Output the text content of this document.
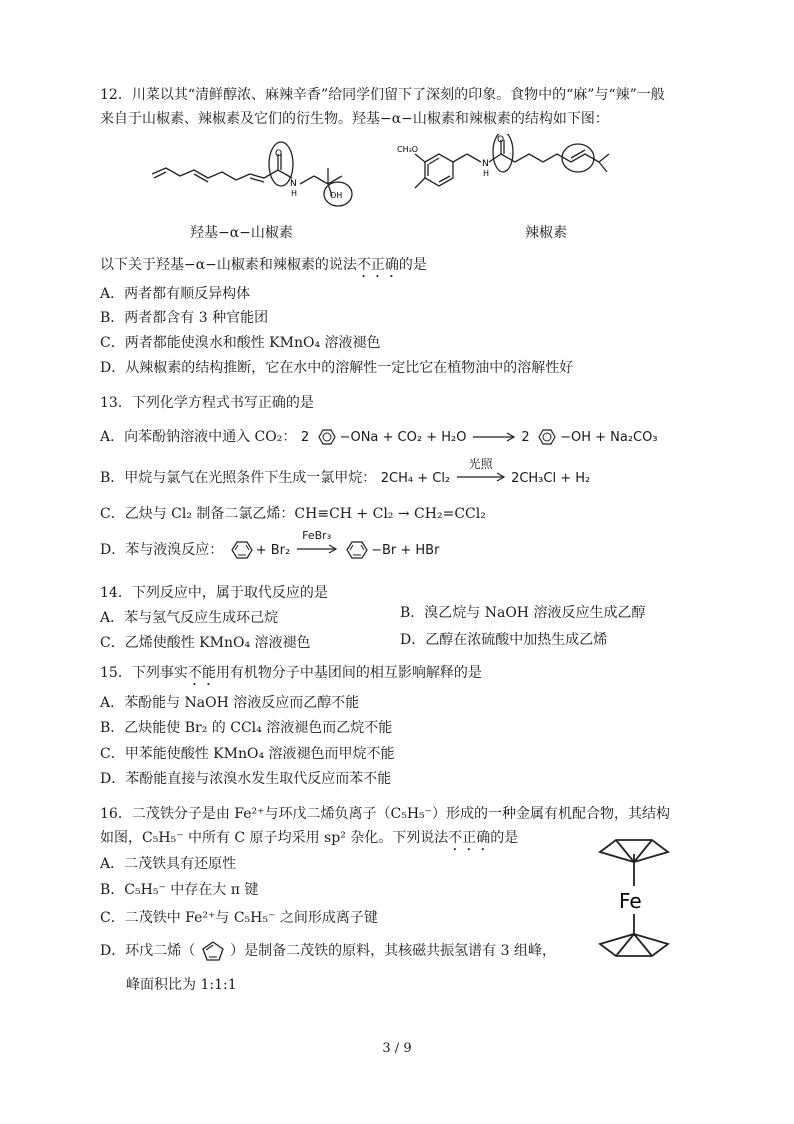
12．川菜以其“清鲜醇浓、麻辣辛香”给同学们留下了深刻的印象。食物中的“麻”与“辣”一般
来自于山椒素、辣椒素及它们的衍生物。羟基−α−山椒素和辣椒素的结构如下图：
O
N
H	OH
CH₃O
N
H
O
羟基−α−山椒素	辣椒素
以下关于羟基−α−山椒素和辣椒素的说法不正确的是
A．两者都有顺反异构体
B．两者都含有 3 种官能团
C．两者都能使溴水和酸性 KMnO₄ 溶液褪色
D．从辣椒素的结构推断，它在水中的溶解性一定比它在植物油中的溶解性好
13．下列化学方程式书写正确的是
A．向苯酚钠溶液中通入 CO₂： 2 −ONa + CO₂ + H₂O → 2 −OH + Na₂CO₃
B．甲烷与氯气在光照条件下生成一氯甲烷： 2CH₄ + Cl₂
光照
2CH₃Cl + H₂
C．乙炔与 Cl₂ 制备二氯乙烯：CH≡CH + Cl₂ → CH₂=CCl₂
D．苯与液溴反应： + Br₂
FeBr₃
−Br + HBr
14．下列反应中，属于取代反应的是
A．苯与氢气反应生成环己烷	B．溴乙烷与 NaOH 溶液反应生成乙醇
C．乙烯使酸性 KMnO₄ 溶液褪色	D．乙醇在浓硫酸中加热生成乙烯
15．下列事实不能用有机物分子中基团间的相互影响解释的是
A．苯酚能与 NaOH 溶液反应而乙醇不能
B．乙炔能使 Br₂ 的 CCl₄ 溶液褪色而乙烷不能
C．甲苯能使酸性 KMnO₄ 溶液褪色而甲烷不能
D．苯酚能直接与浓溴水发生取代反应而苯不能
16．二茂铁分子是由 Fe²⁺与环戊二烯负离子（C₅H₅⁻）形成的一种金属有机配合物，其结构
如图，C₅H₅⁻ 中所有 C 原子均采用 sp² 杂化。下列说法不正确的是
A．二茂铁具有还原性
B．C₅H₅⁻ 中存在大 π 键
C．二茂铁中 Fe²⁺与 C₅H₅⁻ 之间形成离子键
D．环戊二烯（ ）是制备二茂铁的原料，其核磁共振氢谱有 3 组峰，
峰面积比为 1:1:1
Fe
3 / 9
